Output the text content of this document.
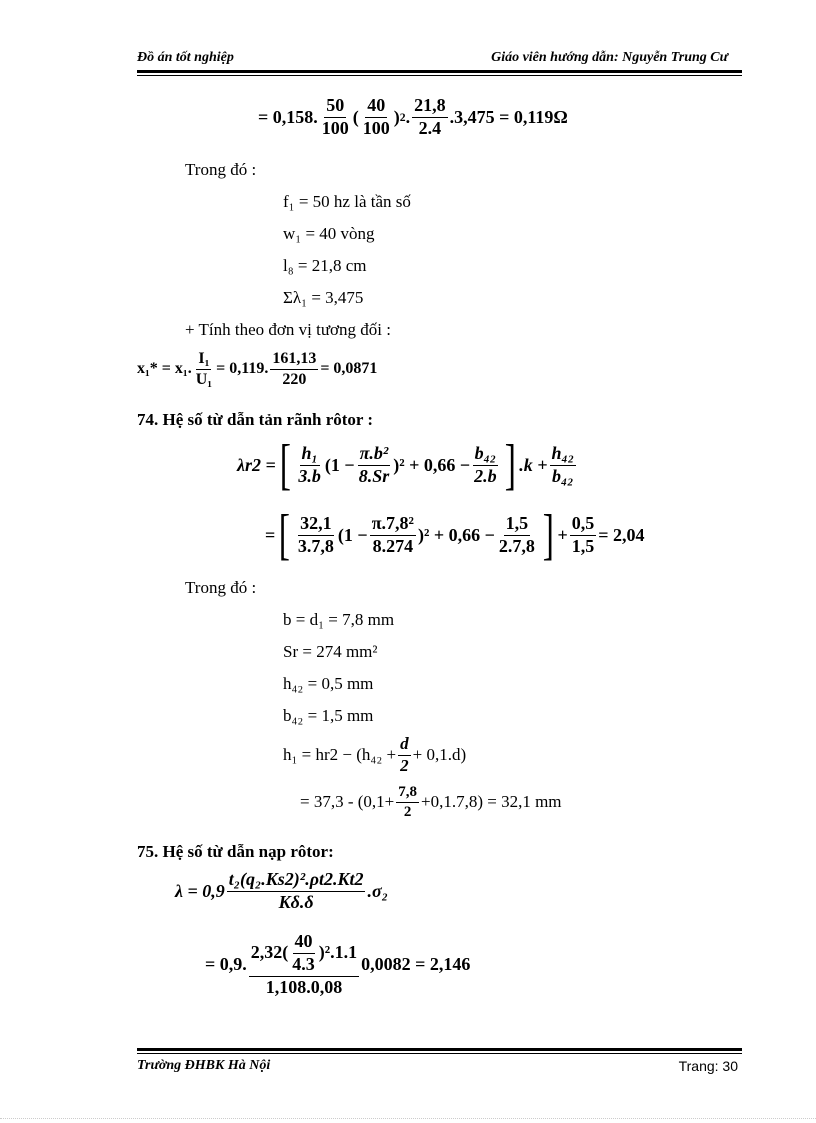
Đồ án tốt nghiệp	Giáo viên hướng dẫn: Nguyễn Trung Cư
= 0,158. $\frac{50}{100}$ ( $\frac{40}{100}$ ) 2 . $\frac{21,8}{2.4} .3,475 = 0,119\Omega$
Trong đó :
f₁ = 50 hz là tần số
w₁ = 40 vòng
l₈ = 21,8 cm
Σλ₁ = 3,475
+ Tính theo đơn vị tương đối :
x₁* = x₁. $\frac{\text{I₁}}{\text{U₁}} = 0,119$. $\frac{161,13}{220} = 0,0871$
74. Hệ số từ dẫn tản rãnh rôtor :
λr2 = [ $\frac{\text{h₁}}{3.b} (1 - \frac{\text{π.b²}}{8.Sr} )^2 + 0,66 - \frac{\text{b₄₂}}{2.b}$ ] $.k + \frac{\text{h₄₂}}{\text{b₄₂}}$
= [ $\frac{32,1}{3.7,8} (1 - \frac{\text{π.7,8²}}{8.274} )^2 + 0,66 - \frac{1,5}{2.7,8}$ ] + $\frac{0,5}{1,5} = 2,04$
Trong đó :
b = d₁ = 7,8 mm
Sr = 274 mm²
h₄₂ = 0,5 mm
b₄₂ = 1,5 mm
$h_1 = hr2 - (h_{42} + \frac{d}{2} + 0,1.d)$
= $37,3 - (0,1+ \frac{7,8}{2} +0,1.7,8) = 32,1$ mm
75. Hệ số từ dẫn nạp rôtor:
$\lambda = 0,9 \frac{\text{t₂(q₂.Ks2)².ρt2.Kt2}}{K\delta.\delta} .\sigma_2$
= 0,9. $\frac{2,32( \frac{40}{4.3} )^2.1.1}{1,108.0,08} 0,0082 = 2,146$
Trường ĐHBK Hà Nội	Trang: 30
